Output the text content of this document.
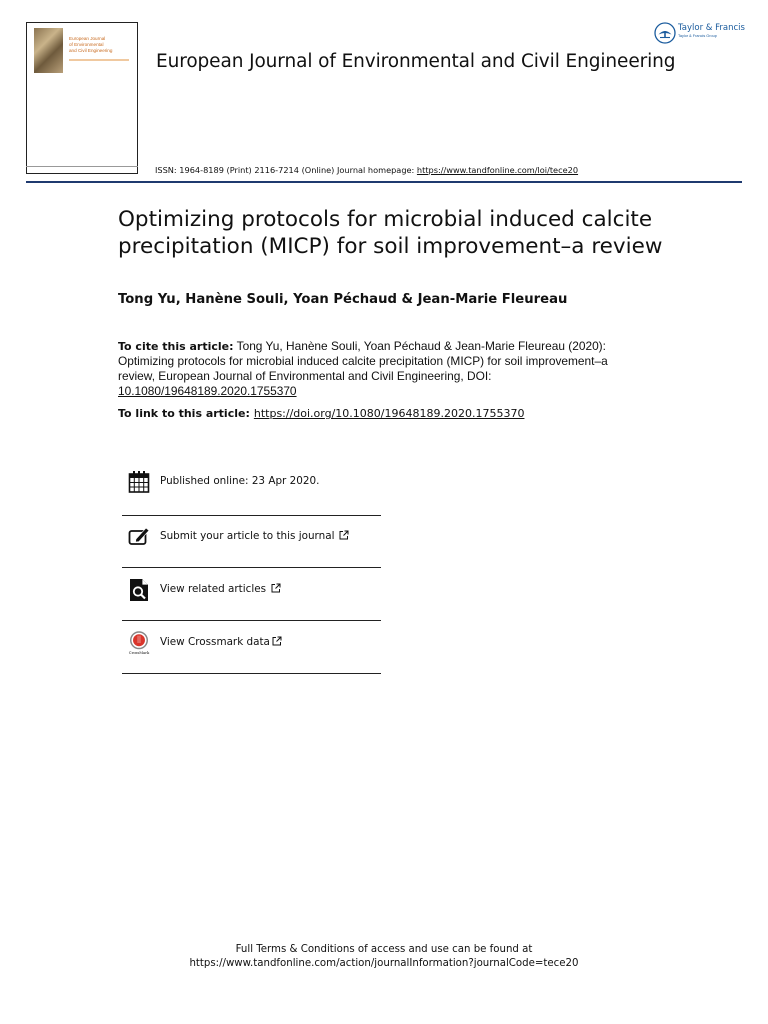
European Journal
of Environmental
and Civil Engineering
European Journal of Environmental and Civil Engineering
Taylor & Francis
Taylor & Francis Group
ISSN: 1964-8189 (Print) 2116-7214 (Online) Journal homepage: https://www.tandfonline.com/loi/tece20
Optimizing protocols for microbial induced calcite precipitation (MICP) for soil improvement–a review
Tong Yu, Hanène Souli, Yoan Péchaud & Jean-Marie Fleureau
To cite this article: Tong Yu, Hanène Souli, Yoan Péchaud & Jean-Marie Fleureau (2020): Optimizing protocols for microbial induced calcite precipitation (MICP) for soil improvement–a review, European Journal of Environmental and Civil Engineering, DOI: 10.1080/19648189.2020.1755370
To link to this article: https://doi.org/10.1080/19648189.2020.1755370
Published online: 23 Apr 2020.
Submit your article to this journal
View related articles
CrossMark
View Crossmark data
Full Terms & Conditions of access and use can be found at
https://www.tandfonline.com/action/journalInformation?journalCode=tece20
